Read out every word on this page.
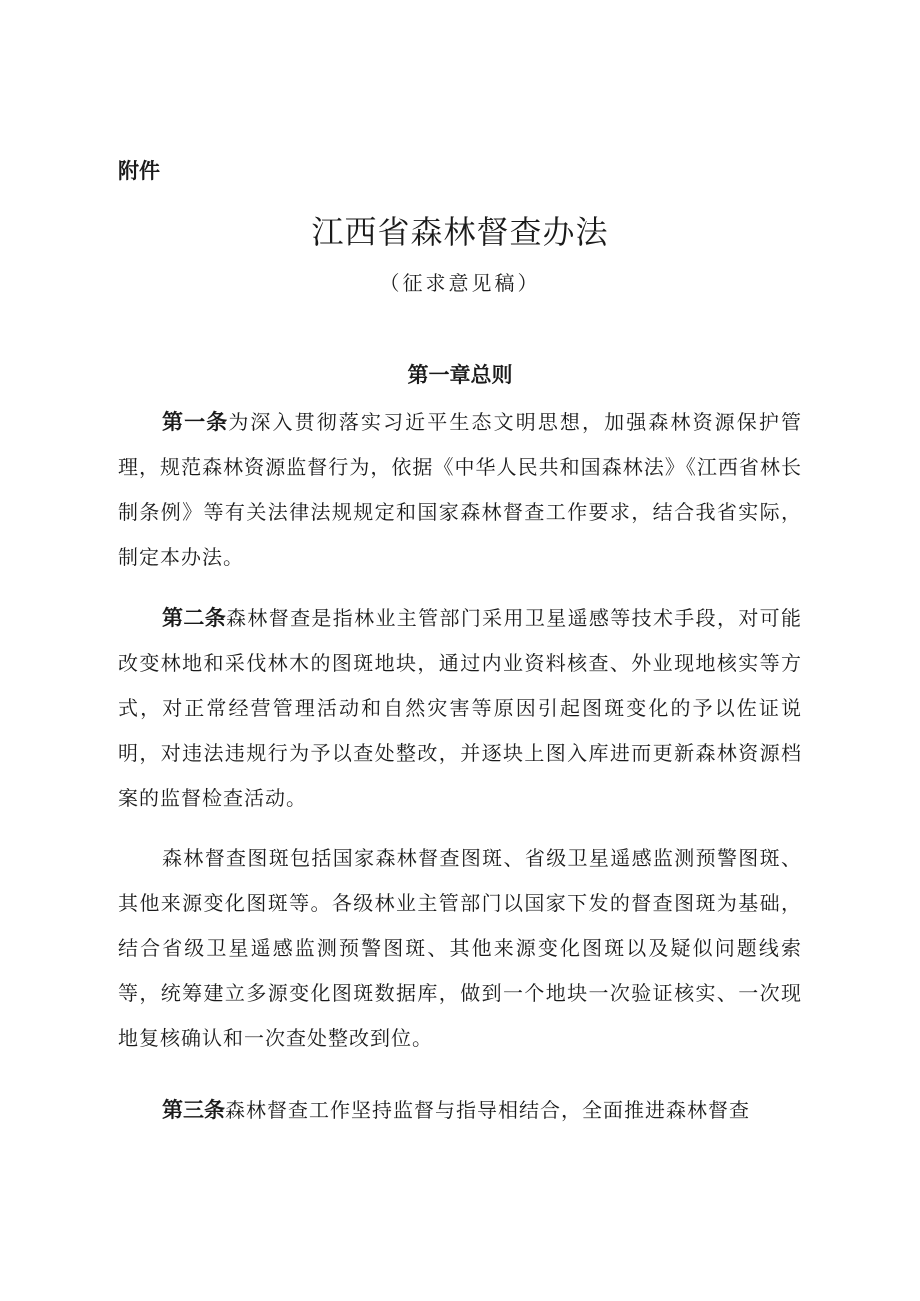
附件
江西省森林督查办法
（征求意见稿）
第一章总则

第一条为深入贯彻落实习近平生态文明思想，加强森林资源保护管理，规范森林资源监督行为，依据《中华人民共和国森林法》《江西省林长制条例》等有关法律法规规定和国家森林督查工作要求，结合我省实际，制定本办法。

第二条森林督查是指林业主管部门采用卫星遥感等技术手段，对可能改变林地和采伐林木的图斑地块，通过内业资料核查、外业现地核实等方式，对正常经营管理活动和自然灾害等原因引起图斑变化的予以佐证说明，对违法违规行为予以查处整改，并逐块上图入库进而更新森林资源档案的监督检查活动。

森林督查图斑包括国家森林督查图斑、省级卫星遥感监测预警图斑、其他来源变化图斑等。各级林业主管部门以国家下发的督查图斑为基础，结合省级卫星遥感监测预警图斑、其他来源变化图斑以及疑似问题线索等，统筹建立多源变化图斑数据库，做到一个地块一次验证核实、一次现地复核确认和一次查处整改到位。

第三条森林督查工作坚持监督与指导相结合，全面推进森林督查
